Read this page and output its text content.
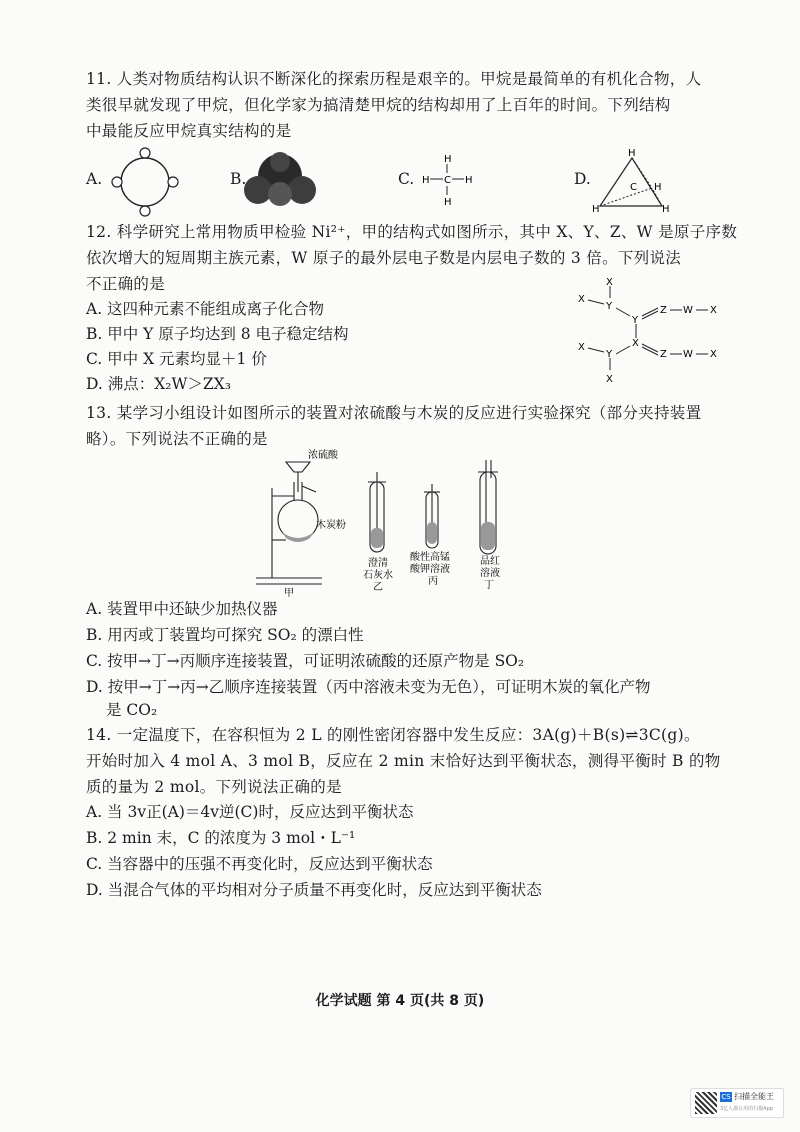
11. 人类对物质结构认识不断深化的探索历程是艰辛的。甲烷是最简单的有机化合物，人
类很早就发现了甲烷，但化学家为搞清楚甲烷的结构却用了上百年的时间。下列结构
中最能反应甲烷真实结构的是
A.	B.	C.
H
H C H
H
D.
H
C H
H	H
12. 科学研究上常用物质甲检验 Ni²⁺，甲的结构式如图所示，其中 X、Y、Z、W 是原子序数
依次增大的短周期主族元素，W 原子的最外层电子数是内层电子数的 3 倍。下列说法
不正确的是
A. 这四种元素不能组成离子化合物
B. 甲中 Y 原子均达到 8 电子稳定结构
C. 甲中 X 元素均显＋1 价
D. 沸点：X₂W＞ZX₃
X
X
Y
Y
Z W X
X
X
Y	Z W X
X
13. 某学习小组设计如图所示的装置对浓硫酸与木炭的反应进行实验探究（部分夹持装置
略）。下列说法不正确的是
浓硫酸
木炭粉
甲
澄清
石灰水
乙
酸性高锰
酸钾溶液
丙
品红
溶液
丁
A. 装置甲中还缺少加热仪器
B. 用丙或丁装置均可探究 SO₂ 的漂白性
C. 按甲→丁→丙顺序连接装置，可证明浓硫酸的还原产物是 SO₂
D. 按甲→丁→丙→乙顺序连接装置（丙中溶液未变为无色），可证明木炭的氧化产物
是 CO₂
14. 一定温度下，在容积恒为 2 L 的刚性密闭容器中发生反应：3A(g)＋B(s)⇌3C(g)。
开始时加入 4 mol A、3 mol B，反应在 2 min 末恰好达到平衡状态，测得平衡时 B 的物
质的量为 2 mol。下列说法正确的是
A. 当 3v正(A)＝4v逆(C)时，反应达到平衡状态
B. 2 min 末，C 的浓度为 3 mol・L⁻¹
C. 当容器中的压强不再变化时，反应达到平衡状态
D. 当混合气体的平均相对分子质量不再变化时，反应达到平衡状态
化学试题 第 4 页(共 8 页)
CS 扫描全能王
3亿人都在用的扫描App
